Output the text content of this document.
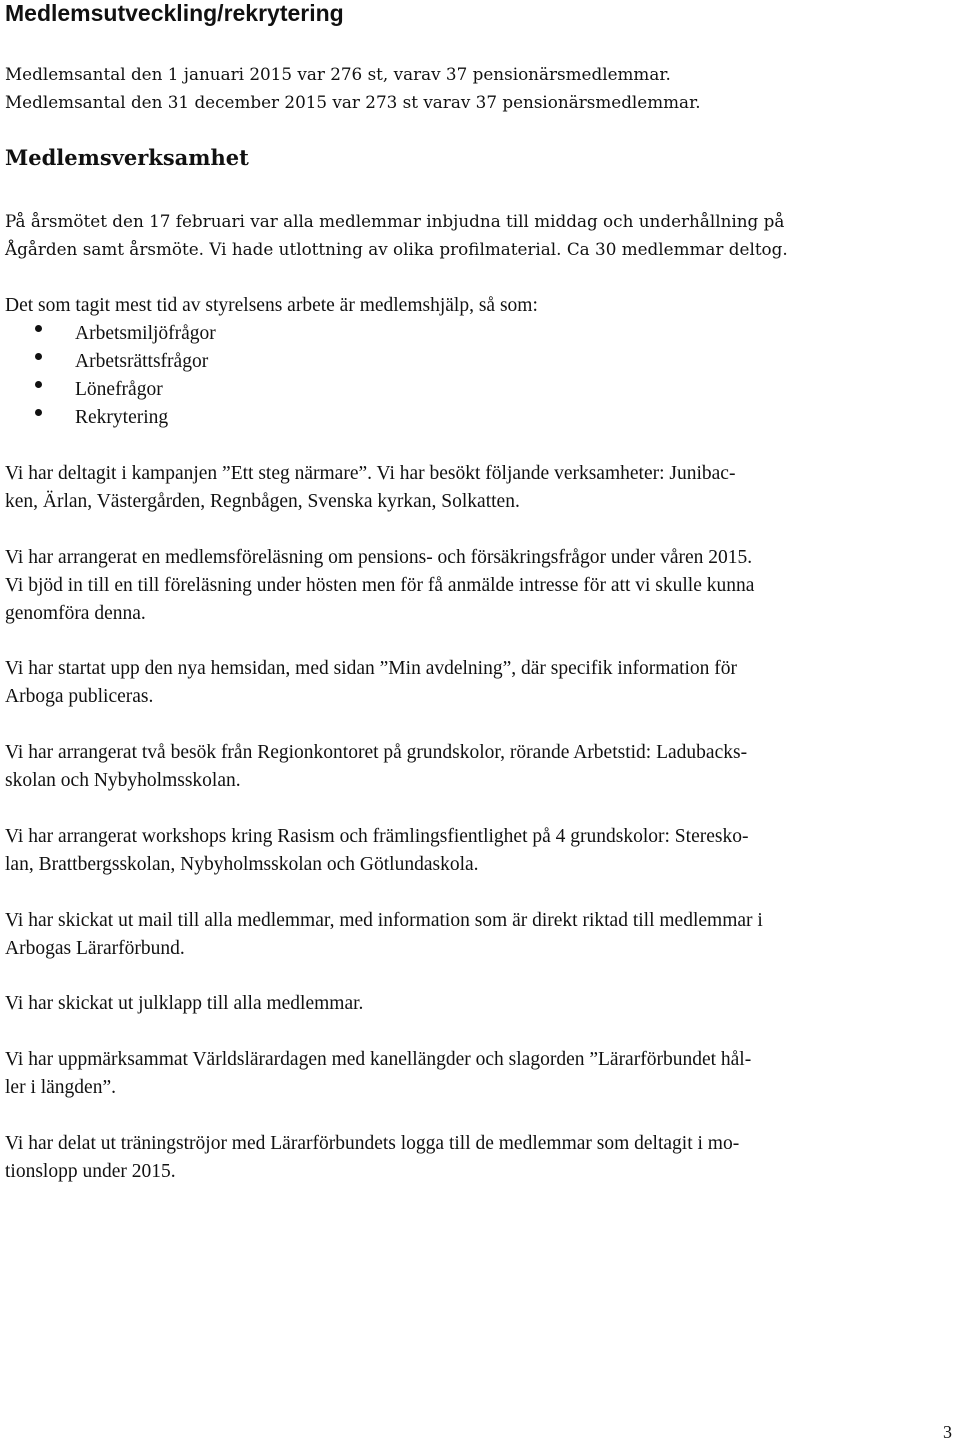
Medlemsutveckling/rekrytering

Medlemsantal den 1 januari 2015 var 276 st, varav 37 pensionärsmedlemmar.

Medlemsantal den 31 december 2015 var 273 st varav 37 pensionärsmedlemmar.

Medlemsverksamhet

På årsmötet den 17 februari var alla medlemmar inbjudna till middag och underhållning på

Ågården samt årsmöte. Vi hade utlottning av olika profilmaterial. Ca 30 medlemmar deltog.

Det som tagit mest tid av styrelsens arbete är medlemshjälp, så som:

Arbetsmiljöfrågor
Arbetsrättsfrågor
Lönefrågor
Rekrytering

Vi har deltagit i kampanjen ”Ett steg närmare”. Vi har besökt följande verksamheter: Junibac-

ken, Ärlan, Västergården, Regnbågen, Svenska kyrkan, Solkatten.

Vi har arrangerat en medlemsföreläsning om pensions- och försäkringsfrågor under våren 2015.

Vi bjöd in till en till föreläsning under hösten men för få anmälde intresse för att vi skulle kunna

genomföra denna.

Vi har startat upp den nya hemsidan, med sidan ”Min avdelning”, där specifik information för

Arboga publiceras.

Vi har arrangerat två besök från Regionkontoret på grundskolor, rörande Arbetstid: Ladubacks-

skolan och Nybyholmsskolan.

Vi har arrangerat workshops kring Rasism och främlingsfientlighet på 4 grundskolor: Steresko-

lan, Brattbergsskolan, Nybyholmsskolan och Götlundaskola.

Vi har skickat ut mail till alla medlemmar, med information som är direkt riktad till medlemmar i

Arbogas Lärarförbund.

Vi har skickat ut julklapp till alla medlemmar.

Vi har uppmärksammat Världslärardagen med kanellängder och slagorden ”Lärarförbundet hål-

ler i längden”.

Vi har delat ut träningströjor med Lärarförbundets logga till de medlemmar som deltagit i mo-

tionslopp under 2015.

3
